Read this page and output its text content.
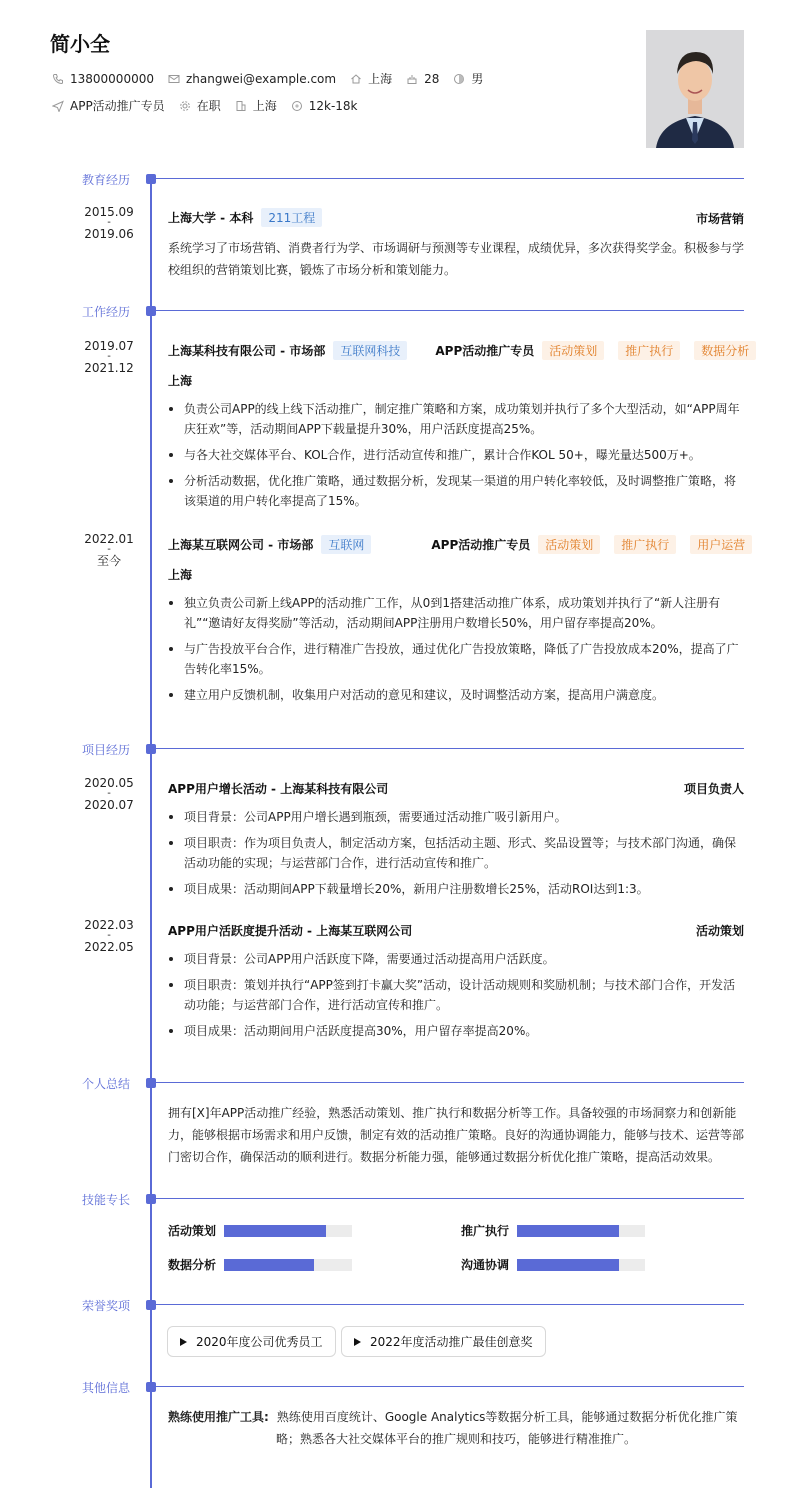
简小全
13800000000	zhangwei@example.com	上海	28	男
APP活动推广专员	在职	上海	12k-18k
教育经历
2015.09
-
2019.06
上海大学 - 本科	211工程	市场营销
系统学习了市场营销、消费者行为学、市场调研与预测等专业课程，成绩优异，多次获得奖学金。积极参与学校组织的营销策划比赛，锻炼了市场分析和策划能力。
工作经历
2019.07
-
2021.12
上海某科技有限公司 - 市场部	互联网科技	APP活动推广专员	活动策划	推广执行	数据分析
上海
负责公司APP的线上线下活动推广，制定推广策略和方案，成功策划并执行了多个大型活动，如“APP周年庆狂欢”等，活动期间APP下载量提升30%，用户活跃度提高25%。
与各大社交媒体平台、KOL合作，进行活动宣传和推广，累计合作KOL 50+，曝光量达500万+。
分析活动数据，优化推广策略，通过数据分析，发现某一渠道的用户转化率较低，及时调整推广策略，将该渠道的用户转化率提高了15%。
2022.01
-
至今
上海某互联网公司 - 市场部	互联网	APP活动推广专员	活动策划	推广执行	用户运营
上海
独立负责公司新上线APP的活动推广工作，从0到1搭建活动推广体系，成功策划并执行了“新人注册有礼”“邀请好友得奖励”等活动，活动期间APP注册用户数增长50%，用户留存率提高20%。
与广告投放平台合作，进行精准广告投放，通过优化广告投放策略，降低了广告投放成本20%，提高了广告转化率15%。
建立用户反馈机制，收集用户对活动的意见和建议，及时调整活动方案，提高用户满意度。
项目经历
2020.05
-
2020.07
APP用户增长活动 - 上海某科技有限公司	项目负责人
项目背景：公司APP用户增长遇到瓶颈，需要通过活动推广吸引新用户。
项目职责：作为项目负责人，制定活动方案，包括活动主题、形式、奖品设置等；与技术部门沟通，确保活动功能的实现；与运营部门合作，进行活动宣传和推广。
项目成果：活动期间APP下载量增长20%，新用户注册数增长25%，活动ROI达到1:3。
2022.03
-
2022.05
APP用户活跃度提升活动 - 上海某互联网公司	活动策划
项目背景：公司APP用户活跃度下降，需要通过活动提高用户活跃度。
项目职责：策划并执行“APP签到打卡赢大奖”活动，设计活动规则和奖励机制；与技术部门合作，开发活动功能；与运营部门合作，进行活动宣传和推广。
项目成果：活动期间用户活跃度提高30%，用户留存率提高20%。
个人总结
拥有[X]年APP活动推广经验，熟悉活动策划、推广执行和数据分析等工作。具备较强的市场洞察力和创新能力，能够根据市场需求和用户反馈，制定有效的活动推广策略。良好的沟通协调能力，能够与技术、运营等部门密切合作，确保活动的顺利进行。数据分析能力强，能够通过数据分析优化推广策略，提高活动效果。
技能专长
活动策划	推广执行
数据分析	沟通协调
荣誉奖项
2020年度公司优秀员工	2022年度活动推广最佳创意奖
其他信息
熟练使用推广工具: 熟练使用百度统计、Google Analytics等数据分析工具，能够通过数据分析优化推广策
略；熟悉各大社交媒体平台的推广规则和技巧，能够进行精准推广。
